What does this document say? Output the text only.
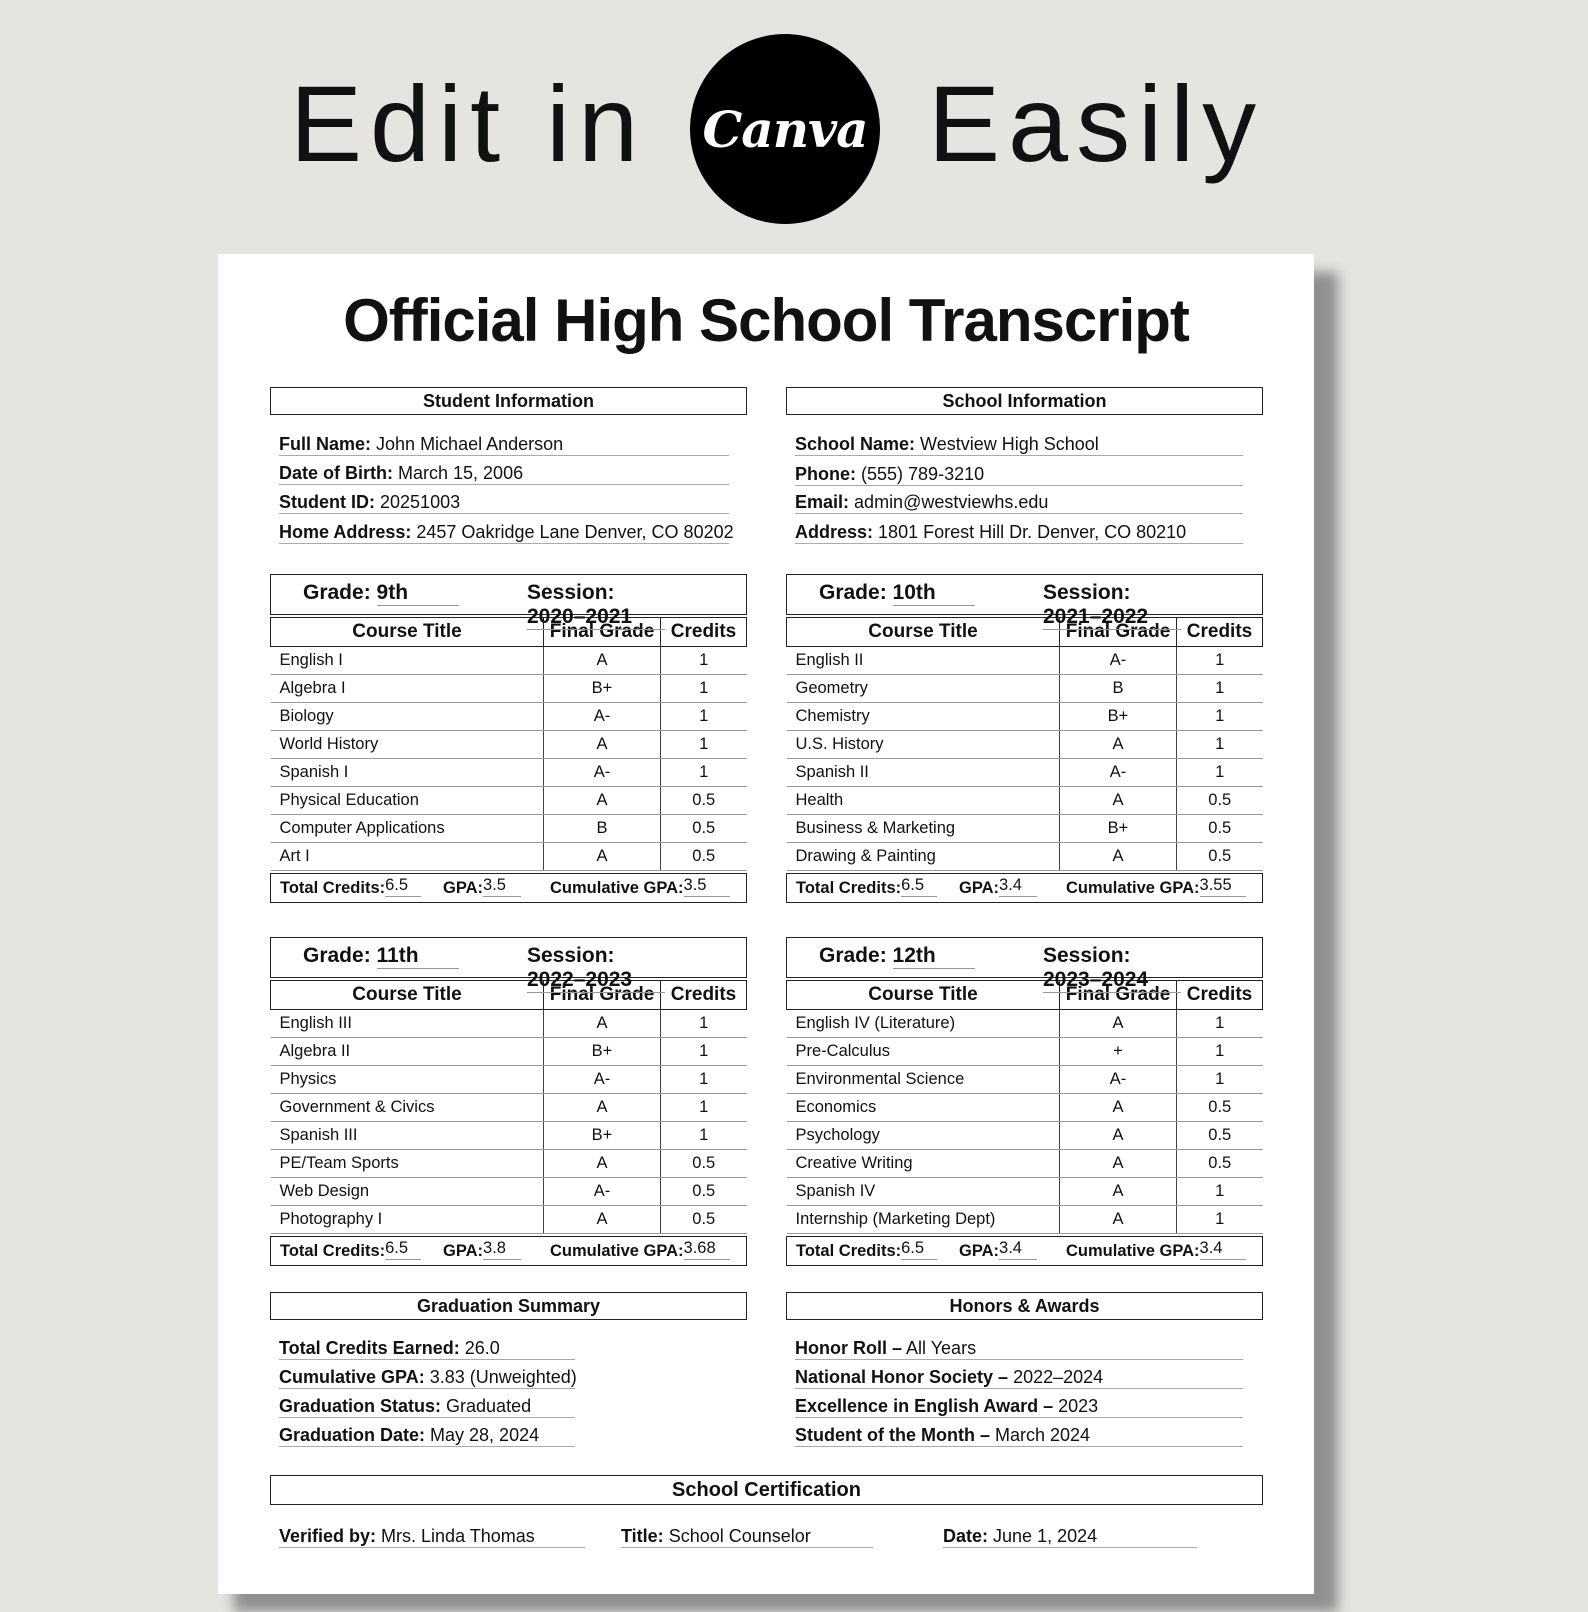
Edit in Canva Easily
Official High School Transcript
Student Information
Full Name: John Michael Anderson
Date of Birth: March 15, 2006
Student ID: 20251003
Home Address: 2457 Oakridge Lane Denver, CO 80202
School Information
School Name: Westview High School
Phone: (555) 789-3210
Email: admin@westviewhs.edu
Address: 1801 Forest Hill Dr. Denver, CO 80210
Grade: 9th	Session: 2020–2021
Course Title	Final Grade	Credits
English I	A	1
Algebra I	B+	1
Biology	A-	1
World History	A	1
Spanish I	A-	1
Physical Education	A	0.5
Computer Applications	B	0.5
Art I	A	0.5
Total Credits: 6.5	GPA: 3.5	Cumulative GPA: 3.5
Grade: 10th	Session: 2021–2022
Course Title	Final Grade	Credits
English II	A-	1
Geometry	B	1
Chemistry	B+	1
U.S. History	A	1
Spanish II	A-	1
Health	A	0.5
Business & Marketing	B+	0.5
Drawing & Painting	A	0.5
Total Credits: 6.5	GPA: 3.4	Cumulative GPA: 3.55
Grade: 11th	Session: 2022–2023
Course Title	Final Grade	Credits
English III	A	1
Algebra II	B+	1
Physics	A-	1
Government & Civics	A	1
Spanish III	B+	1
PE/Team Sports	A	0.5
Web Design	A-	0.5
Photography I	A	0.5
Total Credits: 6.5	GPA: 3.8	Cumulative GPA: 3.68
Grade: 12th	Session: 2023–2024
Course Title	Final Grade	Credits
English IV (Literature)	A	1
Pre-Calculus	+	1
Environmental Science	A-	1
Economics	A	0.5
Psychology	A	0.5
Creative Writing	A	0.5
Spanish IV	A	1
Internship (Marketing Dept)	A	1
Total Credits: 6.5	GPA: 3.4	Cumulative GPA: 3.4
Graduation Summary
Total Credits Earned: 26.0
Cumulative GPA: 3.83 (Unweighted)
Graduation Status: Graduated
Graduation Date: May 28, 2024
Honors & Awards
Honor Roll – All Years
National Honor Society – 2022–2024
Excellence in English Award – 2023
Student of the Month – March 2024
School Certification
Verified by: Mrs. Linda Thomas	Title: School Counselor	Date: June 1, 2024
